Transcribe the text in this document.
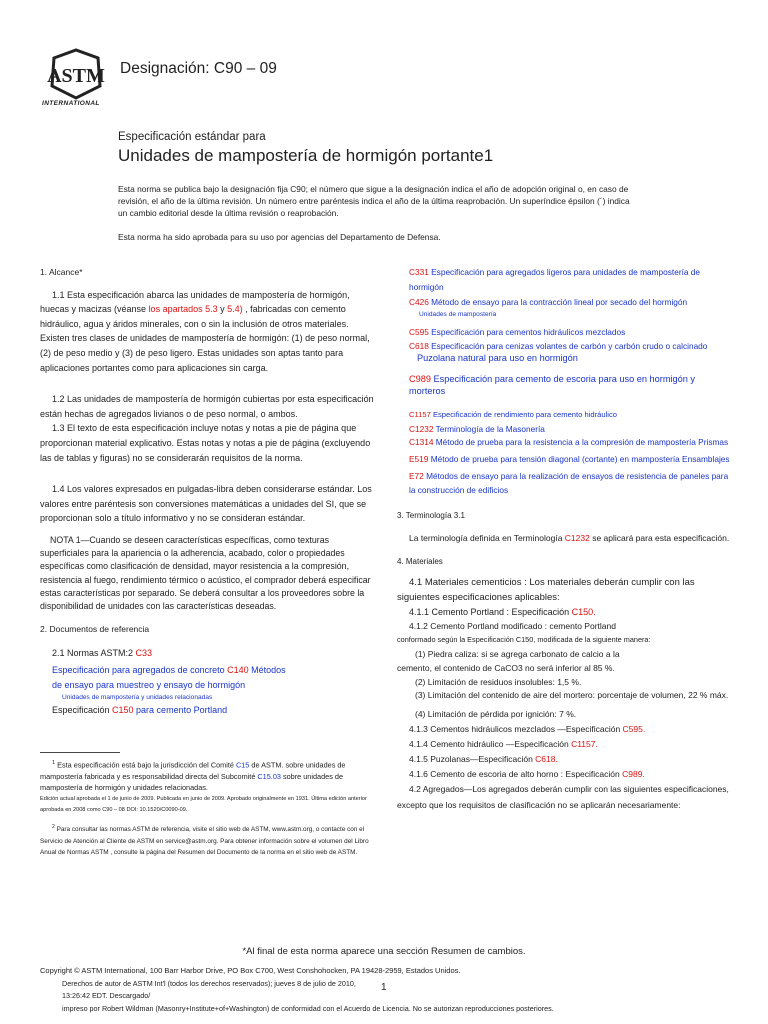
ASTM
INTERNATIONAL
Designación: C90 – 09
Especificación estándar para
Unidades de mampostería de hormigón portante1

Esta norma se publica bajo la designación fija C90; el número que sigue a la designación indica el año de adopción original o, en caso de revisión, el año de la última revisión. Un número entre paréntesis indica el año de la última reaprobación. Un superíndice épsilon (´) indica un cambio editorial desde la última revisión o reaprobación.

Esta norma ha sido aprobada para su uso por agencias del Departamento de Defensa.

1. Alcance*

1.1 Esta especificación abarca las unidades de mampostería de hormigón, huecas y macizas (véanse los apartados 5.3 y 5.4) , fabricadas con cemento hidráulico, agua y áridos minerales, con o sin la inclusión de otros materiales. Existen tres clases de unidades de mampostería de hormigón: (1) de peso normal, (2) de peso medio y (3) de peso ligero. Estas unidades son aptas tanto para aplicaciones portantes como para aplicaciones sin carga.

1.2 Las unidades de mampostería de hormigón cubiertas por esta especificación están hechas de agregados livianos o de peso normal, o ambos.

1.3 El texto de esta especificación incluye notas y notas a pie de página que proporcionan material explicativo. Estas notas y notas a pie de página (excluyendo las de tablas y figuras) no se considerarán requisitos de la norma.

1.4 Los valores expresados en pulgadas-libra deben considerarse estándar. Los valores entre paréntesis son conversiones matemáticas a unidades del SI, que se proporcionan solo a título informativo y no se consideran estándar.

NOTA 1—Cuando se deseen características específicas, como texturas superficiales para la apariencia o la adherencia, acabado, color o propiedades específicas como clasificación de densidad, mayor resistencia a la compresión, resistencia al fuego, rendimiento térmico o acústico, el comprador deberá especificar estas características por separado. Se deberá consultar a los proveedores sobre la disponibilidad de unidades con las características deseadas.

2. Documentos de referencia

2.1 Normas ASTM:2 C33

Especificación para agregados de concreto C140 Métodos

de ensayo para muestreo y ensayo de hormigón

Unidades de mampostería y unidades relacionadas

Especificación C150 para cemento Portland

$^1$ Esta especificación está bajo la jurisdicción del Comité C15 de ASTM. sobre unidades de mampostería fabricada y es responsabilidad directa del Subcomité C15.03 sobre unidades de mampostería de hormigón y unidades relacionadas.

Edición actual aprobada el 1 de junio de 2009. Publicada en junio de 2009. Aprobado originalmente en 1931. Última edición anterior aprobada en 2008 como C90 – 08 DOI: 10.1520/C0090-09.

$^2$ Para consultar las normas ASTM de referencia, visite el sitio web de ASTM, www.astm.org, o contacte con el Servicio de Atención al Cliente de ASTM en service@astm.org. Para obtener información sobre el volumen del Libro Anual de Normas ASTM , consulte la página del Resumen del Documento de la norma en el sitio web de ASTM.

C331 Especificación para agregados ligeros para unidades de mampostería de hormigón

C426 Método de ensayo para la contracción lineal por secado del hormigón

Unidades de mampostería

C595 Especificación para cementos hidráulicos mezclados

C618 Especificación para cenizas volantes de carbón y carbón crudo o calcinado

Puzolana natural para uso en hormigón

C989 Especificación para cemento de escoria para uso en hormigón y morteros

C1157 Especificación de rendimiento para cemento hidráulico

C1232 Terminología de la Masonería

C1314 Método de prueba para la resistencia a la compresión de mampostería Prismas

E519 Método de prueba para tensión diagonal (cortante) en mampostería Ensamblajes

E72 Métodos de ensayo para la realización de ensayos de resistencia de paneles para la construcción de edificios

3. Terminología 3.1

La terminología definida en Terminología C1232 se aplicará para esta especificación.

4. Materiales

4.1 Materiales cementicios : Los materiales deberán cumplir con las siguientes especificaciones aplicables:

4.1.1 Cemento Portland : Especificación C150.

4.1.2 Cemento Portland modificado : cemento Portland

conformado según la Especificación C150, modificada de la siguiente manera:

(1) Piedra caliza: si se agrega carbonato de calcio a la

cemento, el contenido de CaCO3 no será inferior al 85 %.

(2) Limitación de residuos insolubles: 1,5 %.

(3) Limitación del contenido de aire del mortero: porcentaje de volumen, 22 % máx.

(4) Limitación de pérdida por ignición: 7 %.

4.1.3 Cementos hidráulicos mezclados —Especificación C595.

4.1.4 Cemento hidráulico —Especificación C1157.

4.1.5 Puzolanas—Especificación C618.

4.1.6 Cemento de escoria de alto horno : Especificación C989.

4.2 Agregados—Los agregados deberán cumplir con las siguientes especificaciones, excepto que los requisitos de clasificación no se aplicarán necesariamente:

*Al final de esta norma aparece una sección Resumen de cambios.
Copyright © ASTM International, 100 Barr Harbor Drive, PO Box C700, West Conshohocken, PA 19428-2959, Estados Unidos.
Derechos de autor de ASTM Int'l (todos los derechos reservados); jueves 8 de julio de 2010, 13:26:42 EDT. Descargado/
1
impreso por Robert Wildman (Masonry+Institute+of+Washington) de conformidad con el Acuerdo de Licencia. No se autorizan reproducciones posteriores.
